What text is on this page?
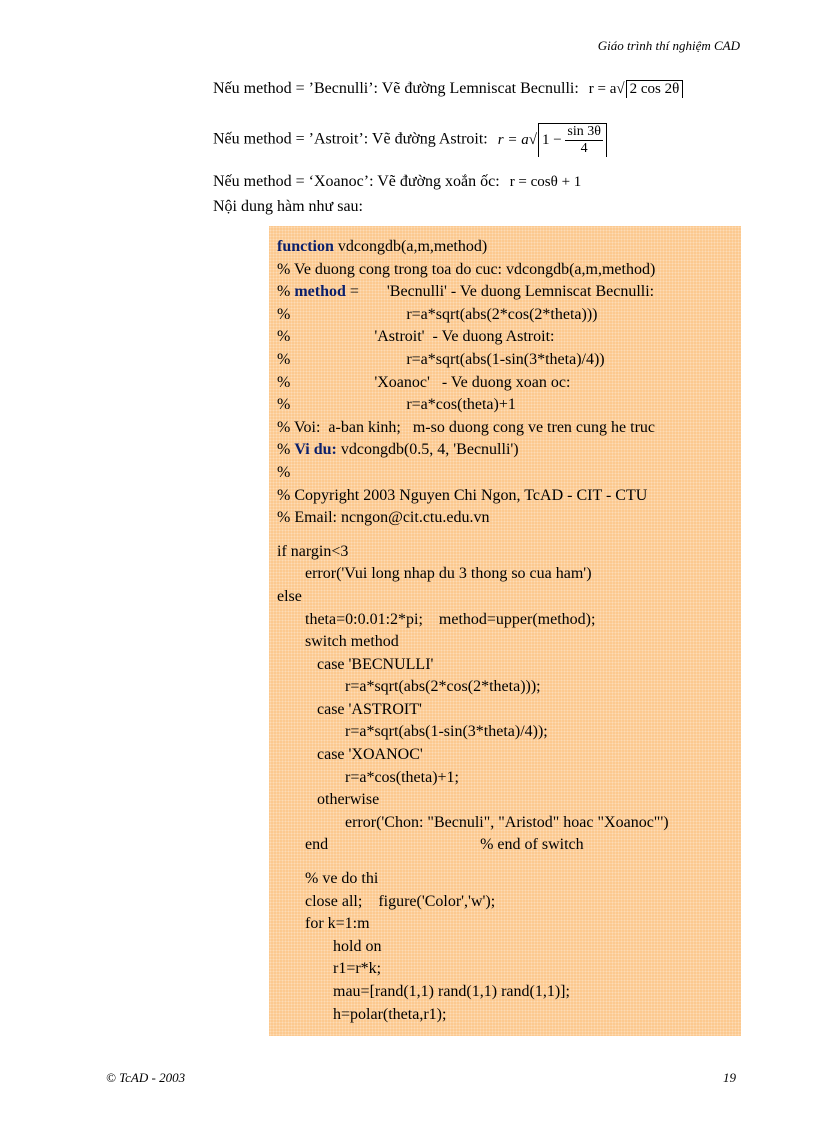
Giáo trình thí nghiệm CAD
Nếu method = ’Becnulli’: Vẽ đường Lemniscat Becnulli: r = a√ 2 cos 2θ
Nếu method = ’Astroit’: Vẽ đường Astroit: r = a√ $1 - \frac{\sin 3\theta}{4}$
Nếu method = ‘Xoanoc’: Vẽ đường xoắn ốc: r = cosθ + 1
Nội dung hàm như sau:
function vdcongdb(a,m,method)
% Ve duong cong trong toa do cuc: vdcongdb(a,m,method)
% method =       'Becnulli' - Ve duong Lemniscat Becnulli:
%                             r=a*sqrt(abs(2*cos(2*theta)))
%                     'Astroit'  - Ve duong Astroit:
%                             r=a*sqrt(abs(1-sin(3*theta)/4))
%                     'Xoanoc'   - Ve duong xoan oc:
%                             r=a*cos(theta)+1
% Voi:  a-ban kinh;   m-so duong cong ve tren cung he truc
% Vi du: vdcongdb(0.5, 4, 'Becnulli')
%
% Copyright 2003 Nguyen Chi Ngon, TcAD - CIT - CTU
% Email: ncngon@cit.ctu.edu.vn
if nargin<3
error('Vui long nhap du 3 thong so cua ham')
else
theta=0:0.01:2*pi;    method=upper(method);
switch method
case 'BECNULLI'
r=a*sqrt(abs(2*cos(2*theta)));
case 'ASTROIT'
r=a*sqrt(abs(1-sin(3*theta)/4));
case 'XOANOC'
r=a*cos(theta)+1;
otherwise
error('Chon: "Becnuli", "Aristod" hoac "Xoanoc"')
end                                      % end of switch
% ve do thi
close all;    figure('Color','w');
for k=1:m
hold on
r1=r*k;
mau=[rand(1,1) rand(1,1) rand(1,1)];
h=polar(theta,r1);
© TcAD - 2003	19
